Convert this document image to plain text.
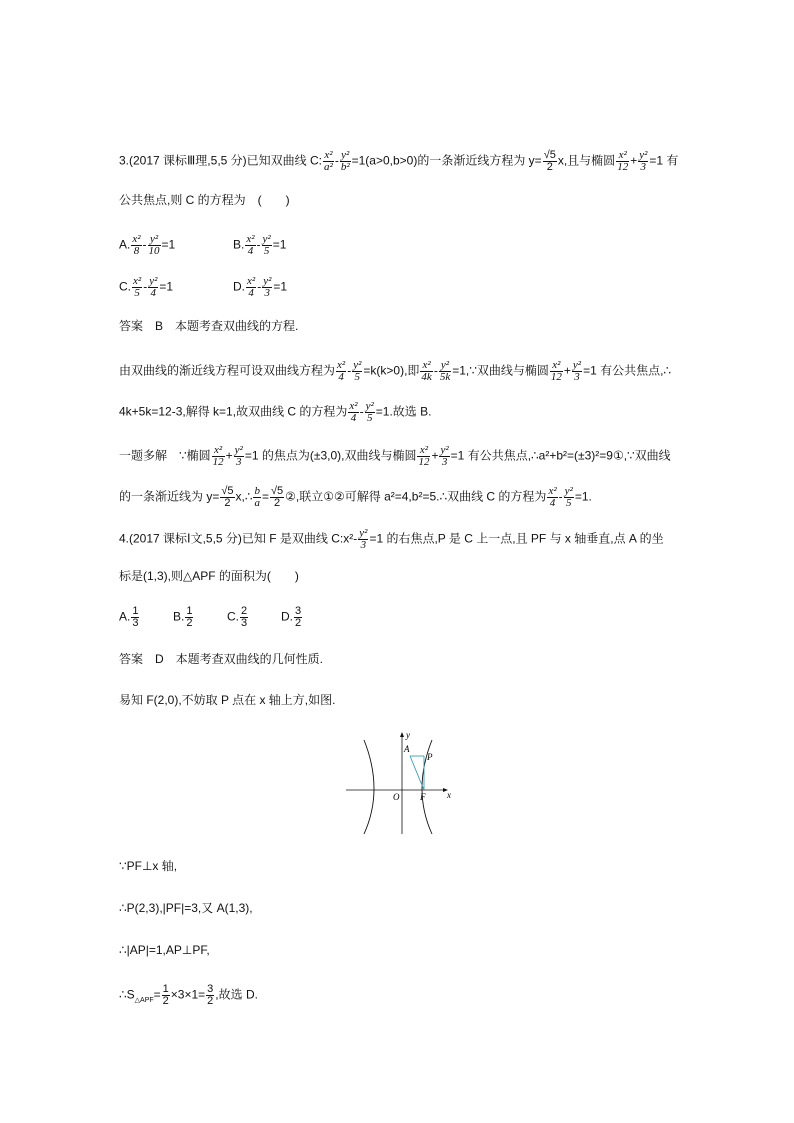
3.(2017 课标Ⅲ理,5,5 分)已知双曲线 C: $\frac{\text{x²}}{\text{a²}} - \frac{\text{y²}}{\text{b²}} =1(a>0,b>0)$的一条渐近线方程为 $y= \frac{√5}{2} x$,且与椭圆 $\frac{\text{x²}}{12} + \frac{\text{y²}}{3} =1$ 有
公共焦点,则 C 的方程为　(　　)
A. $\frac{\text{x²}}{8} - \frac{\text{y²}}{10} =1$	B. $\frac{\text{x²}}{4} - \frac{\text{y²}}{5} =1$
C. $\frac{\text{x²}}{5} - \frac{\text{y²}}{4} =1$	D. $\frac{\text{x²}}{4} - \frac{\text{y²}}{3} =1$
答案　B　本题考查双曲线的方程.
由双曲线的渐近线方程可设双曲线方程为 $\frac{\text{x²}}{4} - \frac{\text{y²}}{5} =k(k>0)$,即 $\frac{\text{x²}}{4k} - \frac{\text{y²}}{5k}$ =1,∵双曲线与椭圆 $\frac{\text{x²}}{12} + \frac{\text{y²}}{3} =1$ 有公共焦点,∴
4k+5k=12-3,解得 k=1,故双曲线 C 的方程为 $\frac{\text{x²}}{4} - \frac{\text{y²}}{5} =1$.故选 B.
一题多解　∵椭圆 $\frac{\text{x²}}{12} + \frac{\text{y²}}{3} =1$ 的焦点为(±3,0),双曲线与椭圆 $\frac{\text{x²}}{12} + \frac{\text{y²}}{3} =1$ 有公共焦点,∴a²+b²=(±3)²=9①,∵双曲线
的一条渐近线为 $y= \frac{√5}{2}$ x,∴ $\frac{b}{a} = \frac{√5}{2}$ ②,联立①②可解得 a²=4,b²=5.∴双曲线 C 的方程为 $\frac{\text{x²}}{4} - \frac{\text{y²}}{5} =1$.
4.(2017 课标Ⅰ文,5,5 分)已知 F 是双曲线 C:x²- $\frac{\text{y²}}{3} =1$ 的右焦点,P 是 C 上一点,且 PF 与 x 轴垂直,点 A 的坐
标是(1,3),则△APF 的面积为(　　)
A. $\frac{1}{3}$	B. $\frac{1}{2}$	C. $\frac{2}{3}$	D. $\frac{3}{2}$
答案　D　本题考查双曲线的几何性质.
易知 F(2,0),不妨取 P 点在 x 轴上方,如图.
y
x
O
A
P
F
∵PF⊥x 轴,
∴P(2,3),|PF|=3,又 A(1,3),
∴|AP|=1,AP⊥PF,
$\therefore S_{\triangle APF}= \frac{1}{2} \times 3\times 1= \frac{3}{2}$ ,故选 D.
